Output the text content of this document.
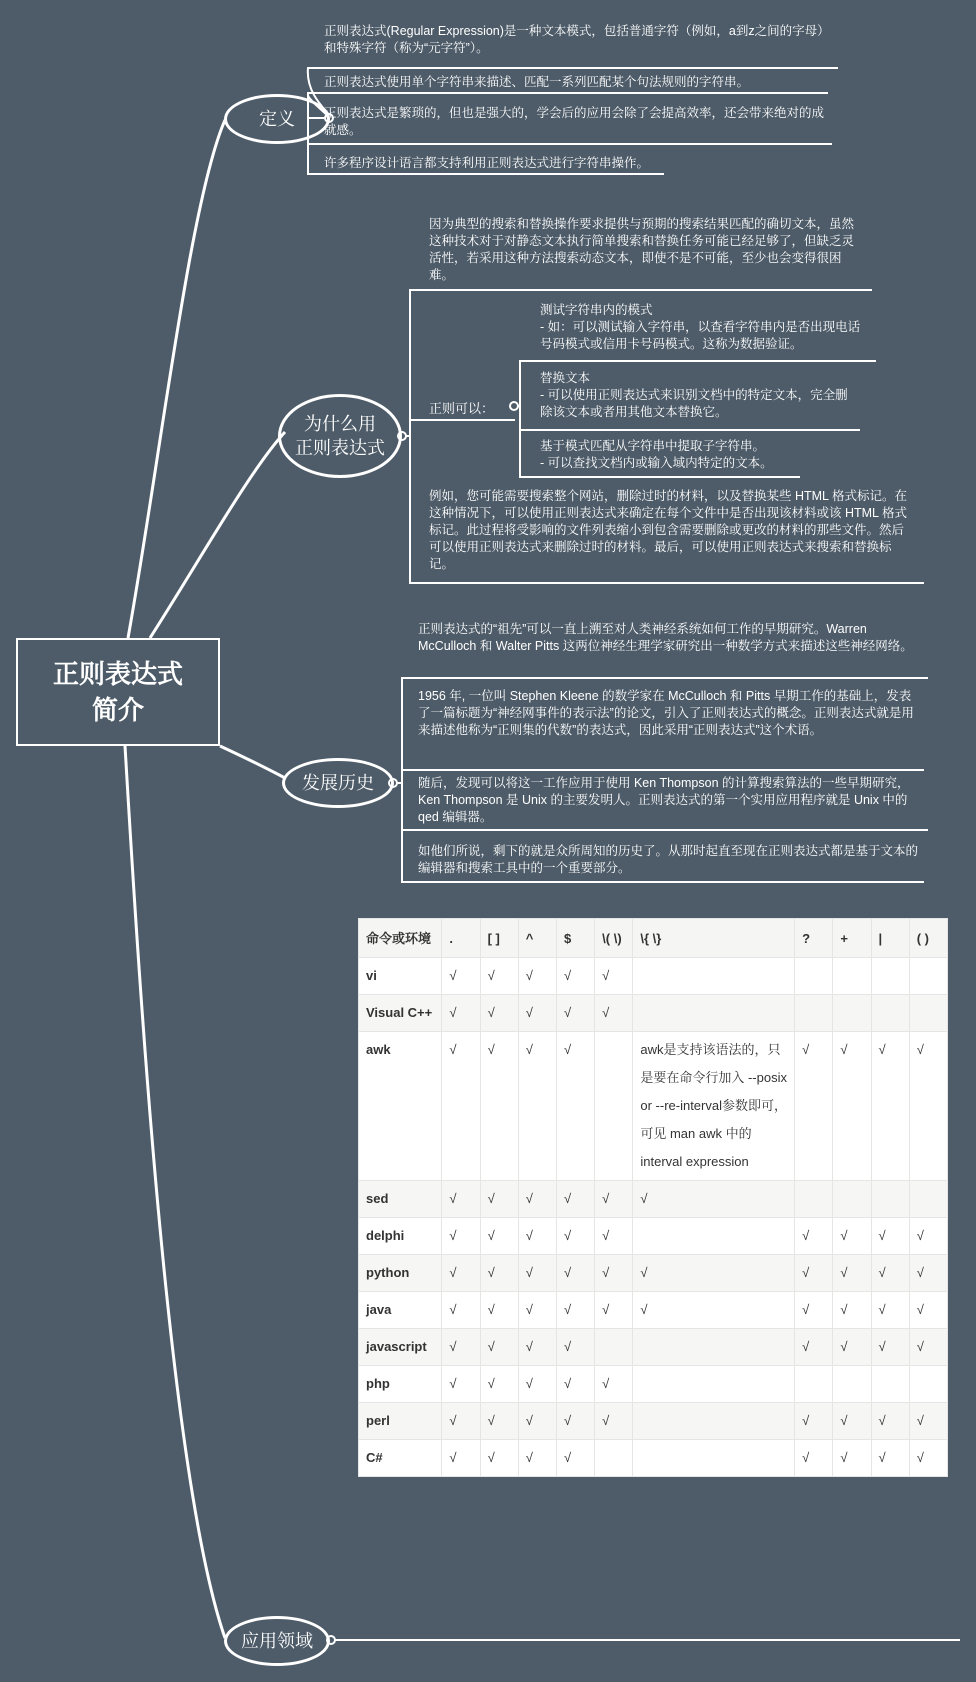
正则表达式
简介
定义
正则表达式(Regular Expression)是一种文本模式，包括普通字符（例如，a到z之间的字母）和特殊字符（称为“元字符”）。
正则表达式使用单个字符串来描述、匹配一系列匹配某个句法规则的字符串。
正则表达式是繁琐的，但也是强大的，学会后的应用会除了会提高效率，还会带来绝对的成就感。
许多程序设计语言都支持利用正则表达式进行字符串操作。
为什么用
正则表达式
因为典型的搜索和替换操作要求提供与预期的搜索结果匹配的确切文本，虽然这种技术对于对静态文本执行简单搜索和替换任务可能已经足够了，但缺乏灵活性，若采用这种方法搜索动态文本，即使不是不可能，至少也会变得很困难。
正则可以：
测试字符串内的模式
- 如：可以测试输入字符串，以查看字符串内是否出现电话号码模式或信用卡号码模式。这称为数据验证。
替换文本
- 可以使用正则表达式来识别文档中的特定文本，完全删除该文本或者用其他文本替换它。
基于模式匹配从字符串中提取子字符串。
- 可以查找文档内或输入域内特定的文本。
例如，您可能需要搜索整个网站，删除过时的材料，以及替换某些 HTML 格式标记。在这种情况下，可以使用正则表达式来确定在每个文件中是否出现该材料或该 HTML 格式标记。此过程将受影响的文件列表缩小到包含需要删除或更改的材料的那些文件。然后可以使用正则表达式来删除过时的材料。最后，可以使用正则表达式来搜索和替换标记。
发展历史
正则表达式的“祖先”可以一直上溯至对人类神经系统如何工作的早期研究。Warren McCulloch 和 Walter Pitts 这两位神经生理学家研究出一种数学方式来描述这些神经网络。
1956 年, 一位叫 Stephen Kleene 的数学家在 McCulloch 和 Pitts 早期工作的基础上，发表了一篇标题为“神经网事件的表示法”的论文，引入了正则表达式的概念。正则表达式就是用来描述他称为“正则集的代数”的表达式，因此采用“正则表达式”这个术语。
随后，发现可以将这一工作应用于使用 Ken Thompson 的计算搜索算法的一些早期研究，Ken Thompson 是 Unix 的主要发明人。正则表达式的第一个实用应用程序就是 Unix 中的 qed 编辑器。
如他们所说，剩下的就是众所周知的历史了。从那时起直至现在正则表达式都是基于文本的编辑器和搜索工具中的一个重要部分。
应用领域
命令或环境	.	[ ]	^	$	\( \)	\{ \}	?	+	|	( )
vi	√	√	√	√	√					
Visual C++	√	√	√	√	√					
awk	√	√	√	√		awk是支持该语法的，只是要在命令行加入 --posix or --re-interval参数即可，可见 man awk 中的interval expression	√	√	√	√
sed	√	√	√	√	√	√				
delphi	√	√	√	√	√		√	√	√	√
python	√	√	√	√	√	√	√	√	√	√
java	√	√	√	√	√	√	√	√	√	√
javascript	√	√	√	√			√	√	√	√
php	√	√	√	√	√					
perl	√	√	√	√	√		√	√	√	√
C#	√	√	√	√			√	√	√	√
